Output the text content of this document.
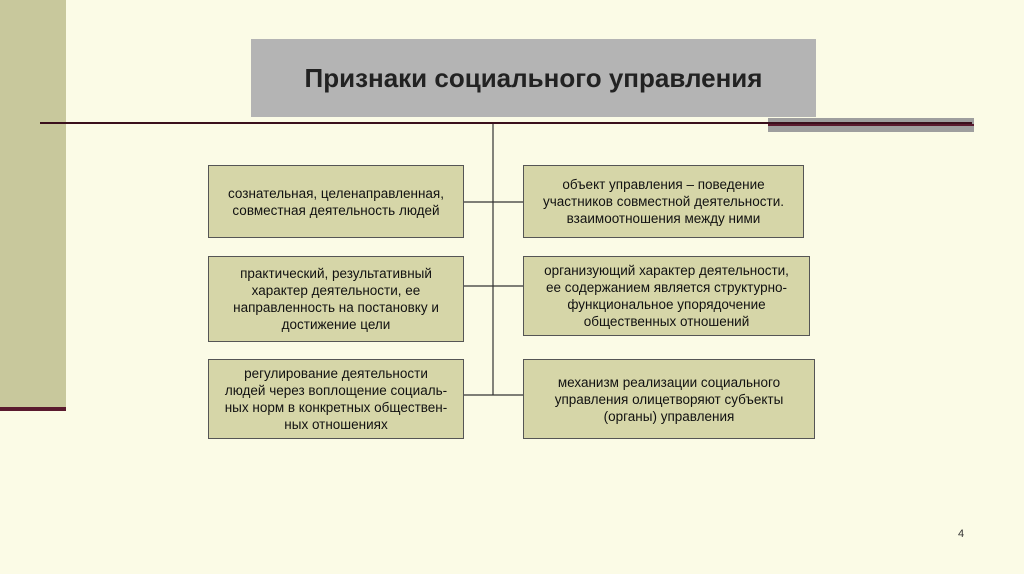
Признаки социального управления
сознательная, целенаправленная,
совместная деятельность людей
практический, результативный
характер деятельности, ее
направленность на постановку и
достижение цели
регулирование деятельности
людей через воплощение социаль-
ных норм в конкретных обществен-
ных отношениях
объект управления – поведение
участников совместной деятельности.
взаимоотношения между ними
организующий характер деятельности,
ее содержанием является структурно-
функциональное упорядочение
общественных отношений
механизм реализации социального
управления олицетворяют субъекты
(органы) управления
4
